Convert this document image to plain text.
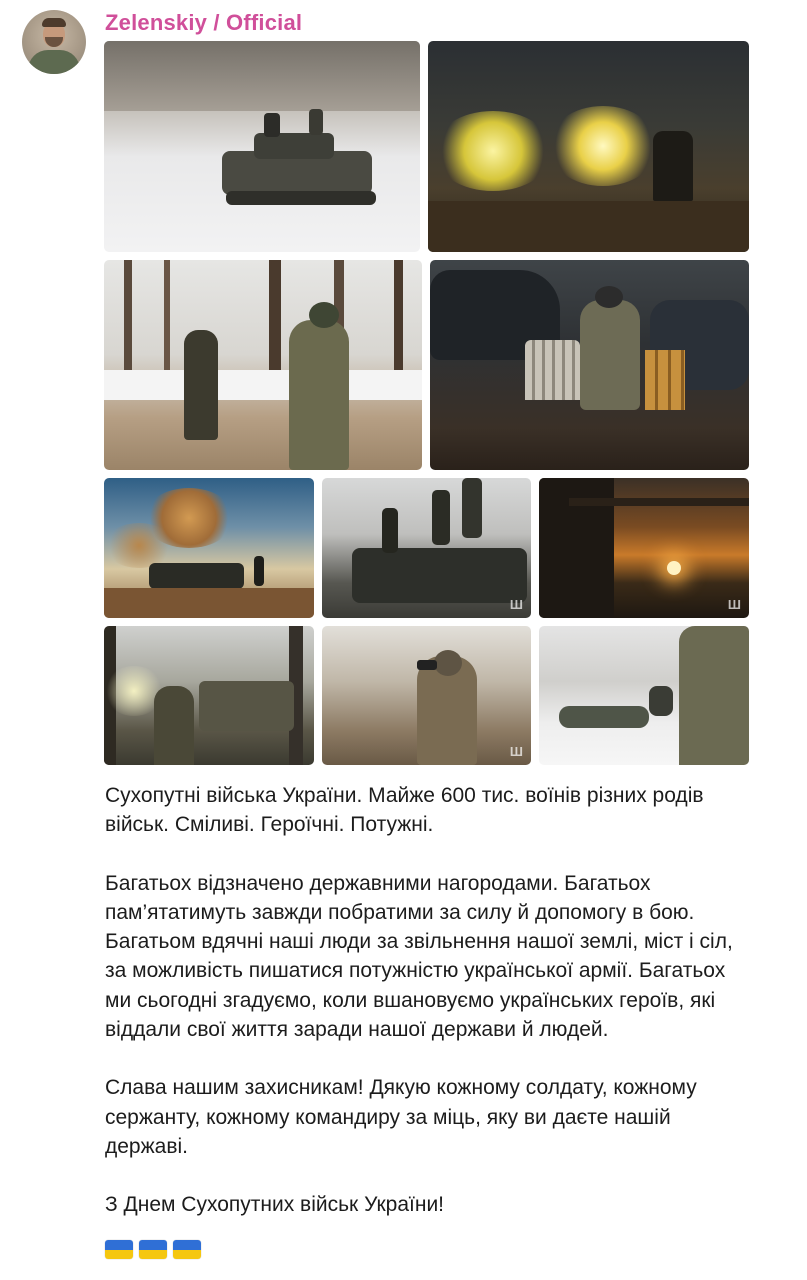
Zelenskiy / Official
Ш	Ш
Ш

Сухопутні війська України. Майже 600 тис. воїнів різних родів військ. Сміливі. Героїчні. Потужні.

Багатьох відзначено державними нагородами. Багатьох пам’ятатимуть завжди побратими за силу й допомогу в бою. Багатьом вдячні наші люди за звільнення нашої землі, міст і сіл, за можливість пишатися потужністю української армії. Багатьох ми сьогодні згадуємо, коли вшановуємо українських героїв, які віддали свої життя заради нашої держави й людей.

Слава нашим захисникам! Дякую кожному солдату, кожному сержанту, кожному командиру за міць, яку ви даєте нашій державі.

З Днем Сухопутних військ України!
